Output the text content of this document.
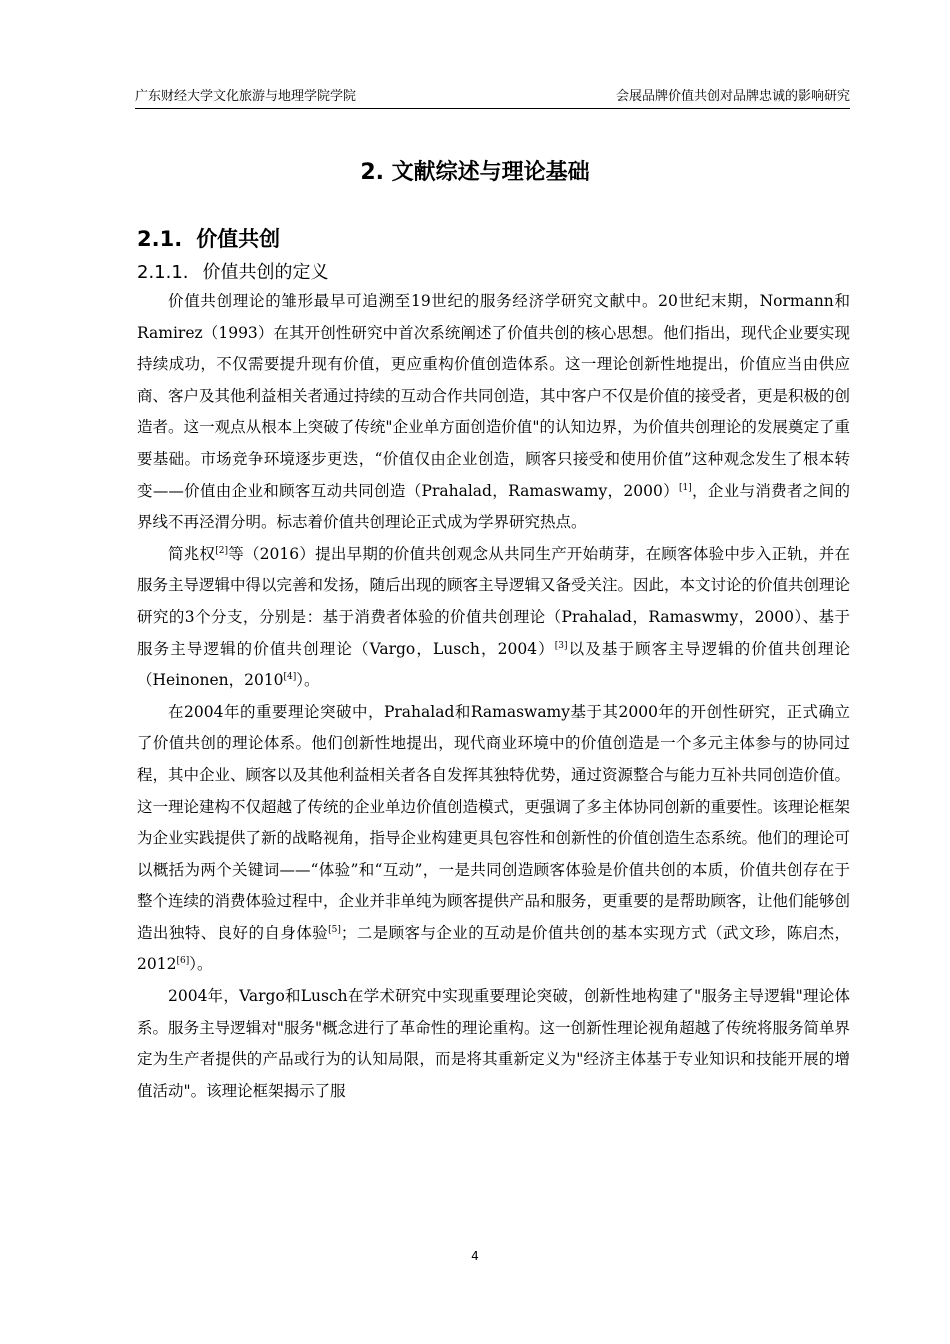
广东财经大学文化旅游与地理学院学院	会展品牌价值共创对品牌忠诚的影响研究
2. 文献综述与理论基础
2.1. 价值共创
2.1.1. 价值共创的定义

价值共创理论的雏形最早可追溯至19世纪的服务经济学研究文献中。20世纪末期，Normann和Ramirez（1993）在其开创性研究中首次系统阐述了价值共创的核心思想。他们指出，现代企业要实现持续成功，不仅需要提升现有价值，更应重构价值创造体系。这一理论创新性地提出，价值应当由供应商、客户及其他利益相关者通过持续的互动合作共同创造，其中客户不仅是价值的接受者，更是积极的创造者。这一观点从根本上突破了传统"企业单方面创造价值"的认知边界，为价值共创理论的发展奠定了重要基础。市场竞争环境逐步更迭，“价值仅由企业创造，顾客只接受和使用价值”这种观念发生了根本转变——价值由企业和顾客互动共同创造（Prahalad，Ramaswamy，2000）[1]，企业与消费者之间的界线不再泾渭分明。标志着价值共创理论正式成为学界研究热点。

简兆权[2]等（2016）提出早期的价值共创观念从共同生产开始萌芽，在顾客体验中步入正轨，并在服务主导逻辑中得以完善和发扬，随后出现的顾客主导逻辑又备受关注。因此，本文讨论的价值共创理论研究的3个分支，分别是：基于消费者体验的价值共创理论（Prahalad，Ramaswmy，2000）、基于服务主导逻辑的价值共创理论（Vargo，Lusch，2004）[3]以及基于顾客主导逻辑的价值共创理论（Heinonen，2010[4]）。

在2004年的重要理论突破中，Prahalad和Ramaswamy基于其2000年的开创性研究，正式确立了价值共创的理论体系。他们创新性地提出，现代商业环境中的价值创造是一个多元主体参与的协同过程，其中企业、顾客以及其他利益相关者各自发挥其独特优势，通过资源整合与能力互补共同创造价值。这一理论建构不仅超越了传统的企业单边价值创造模式，更强调了多主体协同创新的重要性。该理论框架为企业实践提供了新的战略视角，指导企业构建更具包容性和创新性的价值创造生态系统。他们的理论可以概括为两个关键词——“体验”和“互动”，一是共同创造顾客体验是价值共创的本质，价值共创存在于整个连续的消费体验过程中，企业并非单纯为顾客提供产品和服务，更重要的是帮助顾客，让他们能够创造出独特、良好的自身体验[5]；二是顾客与企业的互动是价值共创的基本实现方式（武文珍，陈启杰，2012[6]）。

2004年，Vargo和Lusch在学术研究中实现重要理论突破，创新性地构建了"服务主导逻辑"理论体系。服务主导逻辑对"服务"概念进行了革命性的理论重构。这一创新性理论视角超越了传统将服务简单界定为生产者提供的产品或行为的认知局限，而是将其重新定义为"经济主体基于专业知识和技能开展的增值活动"。该理论框架揭示了服

4
